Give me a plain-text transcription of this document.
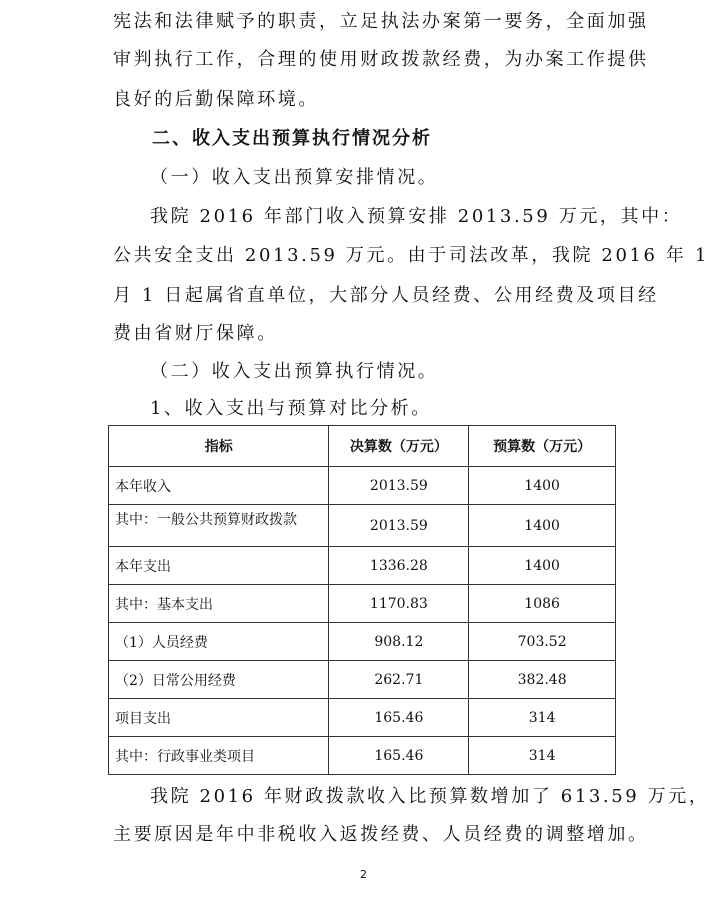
宪法和法律赋予的职责，立足执法办案第一要务，全面加强
审判执行工作，合理的使用财政拨款经费，为办案工作提供
良好的后勤保障环境。
二、收入支出预算执行情况分析
（一）收入支出预算安排情况。
我院 2016 年部门收入预算安排 2013.59 万元，其中：
公共安全支出 2013.59 万元。由于司法改革，我院 2016 年 1
月 1 日起属省直单位，大部分人员经费、公用经费及项目经
费由省财厅保障。
（二）收入支出预算执行情况。
1、收入支出与预算对比分析。
指标	决算数（万元）	预算数（万元）
本年收入	2013.59	1400
其中：一般公共预算财政拨款	2013.59	1400
本年支出	1336.28	1400
其中：基本支出	1170.83	1086
（1）人员经费	908.12	703.52
（2）日常公用经费	262.71	382.48
项目支出	165.46	314
其中：行政事业类项目	165.46	314
我院 2016 年财政拨款收入比预算数增加了 613.59 万元，
主要原因是年中非税收入返拨经费、人员经费的调整增加。
2
